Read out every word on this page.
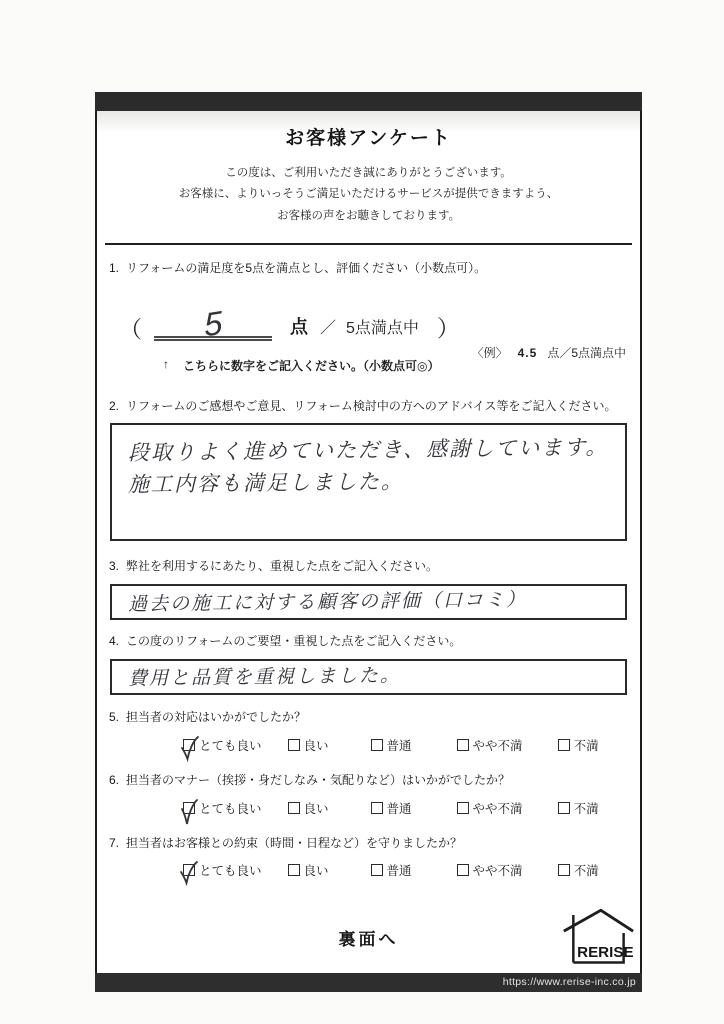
お客様アンケート
この度は、ご利用いただき誠にありがとうございます。
お客様に、よりいっそうご満足いただけるサービスが提供できますよう、
お客様の声をお聴きしております。
1. リフォームの満足度を5点を満点とし、評価ください（小数点可）。
（	5	点 ／ 5点満点中 ）
〈例〉 4.5 点／5点満点中
↑ こちらに数字をご記入ください。（小数点可◎）
2. リフォームのご感想やご意見、リフォーム検討中の方へのアドバイス等をご記入ください。
段取りよく進めていただき、感謝しています。 施工内容も満足しました。
3. 弊社を利用するにあたり、重視した点をご記入ください。
過去の施工に対する顧客の評価（口コミ）
4. この度のリフォームのご要望・重視した点をご記入ください。
費用と品質を重視しました。
5. 担当者の対応はいかがでしたか？
とても良い	良い	普通	やや不満	不満
6. 担当者のマナー（挨拶・身だしなみ・気配りなど）はいかがでしたか？
とても良い	良い	普通	やや不満	不満
7. 担当者はお客様との約束（時間・日程など）を守りましたか？
とても良い	良い	普通	やや不満	不満
裏面へ
RERISE
https://www.rerise-inc.co.jp
